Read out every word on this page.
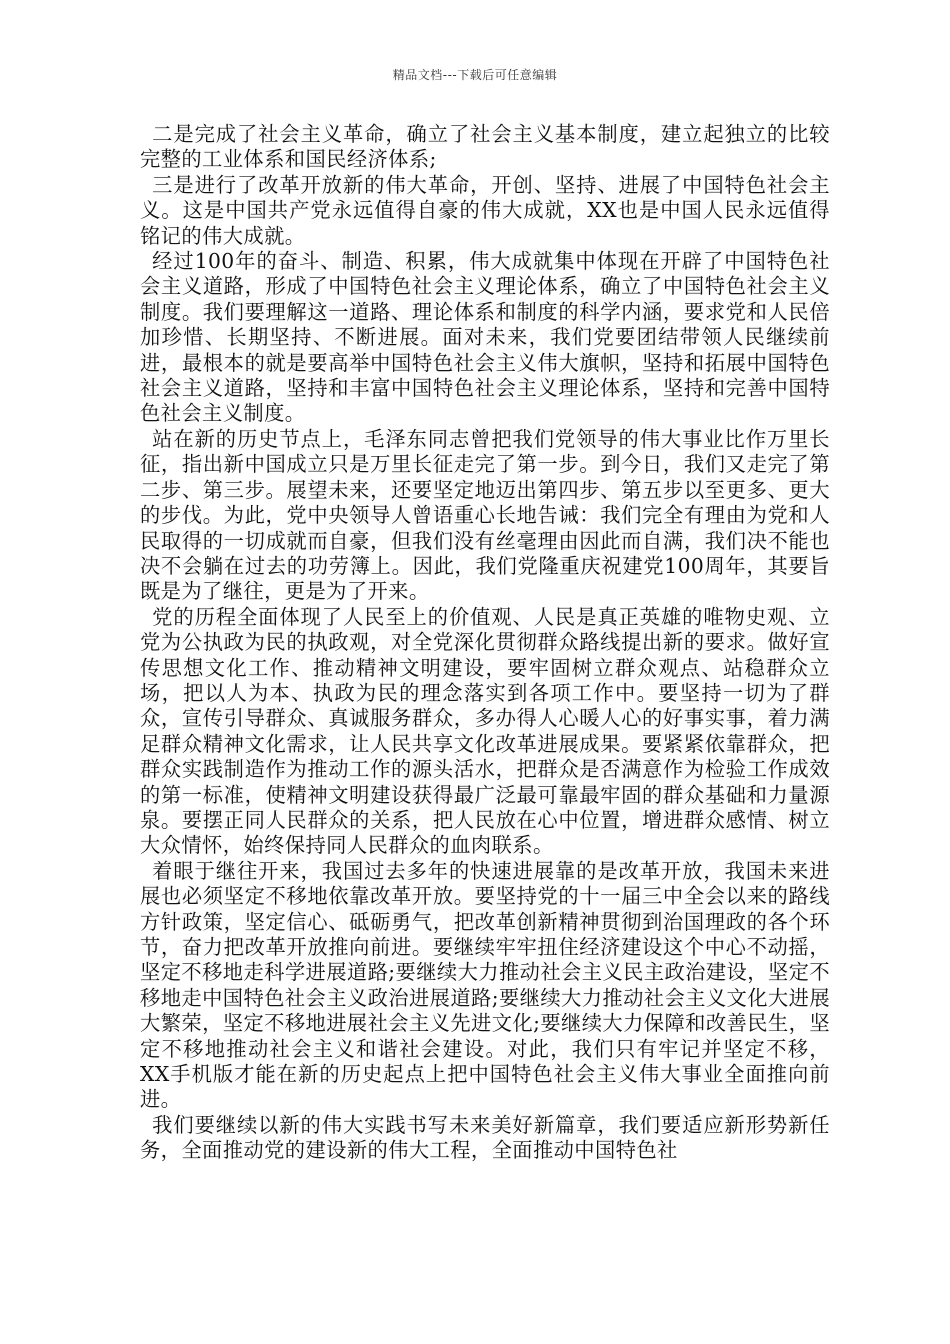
精品文档---下载后可任意编辑

二是完成了社会主义革命，确立了社会主义基本制度，建立起独立的比较完整的工业体系和国民经济体系;

三是进行了改革开放新的伟大革命，开创、坚持、进展了中国特色社会主义。这是中国共产党永远值得自豪的伟大成就，XX也是中国人民永远值得铭记的伟大成就。

经过100年的奋斗、制造、积累，伟大成就集中体现在开辟了中国特色社会主义道路，形成了中国特色社会主义理论体系，确立了中国特色社会主义制度。我们要理解这一道路、理论体系和制度的科学内涵，要求党和人民倍加珍惜、长期坚持、不断进展。面对未来，我们党要团结带领人民继续前进，最根本的就是要高举中国特色社会主义伟大旗帜，坚持和拓展中国特色社会主义道路，坚持和丰富中国特色社会主义理论体系，坚持和完善中国特色社会主义制度。

站在新的历史节点上，毛泽东同志曾把我们党领导的伟大事业比作万里长征，指出新中国成立只是万里长征走完了第一步。到今日，我们又走完了第二步、第三步。展望未来，还要坚定地迈出第四步、第五步以至更多、更大的步伐。为此，党中央领导人曾语重心长地告诫：我们完全有理由为党和人民取得的一切成就而自豪，但我们没有丝毫理由因此而自满，我们决不能也决不会躺在过去的功劳簿上。因此，我们党隆重庆祝建党100周年，其要旨既是为了继往，更是为了开来。

党的历程全面体现了人民至上的价值观、人民是真正英雄的唯物史观、立党为公执政为民的执政观，对全党深化贯彻群众路线提出新的要求。做好宣传思想文化工作、推动精神文明建设，要牢固树立群众观点、站稳群众立场，把以人为本、执政为民的理念落实到各项工作中。要坚持一切为了群众，宣传引导群众、真诚服务群众，多办得人心暖人心的好事实事，着力满足群众精神文化需求，让人民共享文化改革进展成果。要紧紧依靠群众，把群众实践制造作为推动工作的源头活水，把群众是否满意作为检验工作成效的第一标准，使精神文明建设获得最广泛最可靠最牢固的群众基础和力量源泉。要摆正同人民群众的关系，把人民放在心中位置，增进群众感情、树立大众情怀，始终保持同人民群众的血肉联系。

着眼于继往开来，我国过去多年的快速进展靠的是改革开放，我国未来进展也必须坚定不移地依靠改革开放。要坚持党的十一届三中全会以来的路线方针政策，坚定信心、砥砺勇气，把改革创新精神贯彻到治国理政的各个环节，奋力把改革开放推向前进。要继续牢牢扭住经济建设这个中心不动摇，坚定不移地走科学进展道路;要继续大力推动社会主义民主政治建设，坚定不移地走中国特色社会主义政治进展道路;要继续大力推动社会主义文化大进展大繁荣，坚定不移地进展社会主义先进文化;要继续大力保障和改善民生，坚定不移地推动社会主义和谐社会建设。对此，我们只有牢记并坚定不移，XX手机版才能在新的历史起点上把中国特色社会主义伟大事业全面推向前进。

我们要继续以新的伟大实践书写未来美好新篇章，我们要适应新形势新任务，全面推动党的建设新的伟大工程，全面推动中国特色社
